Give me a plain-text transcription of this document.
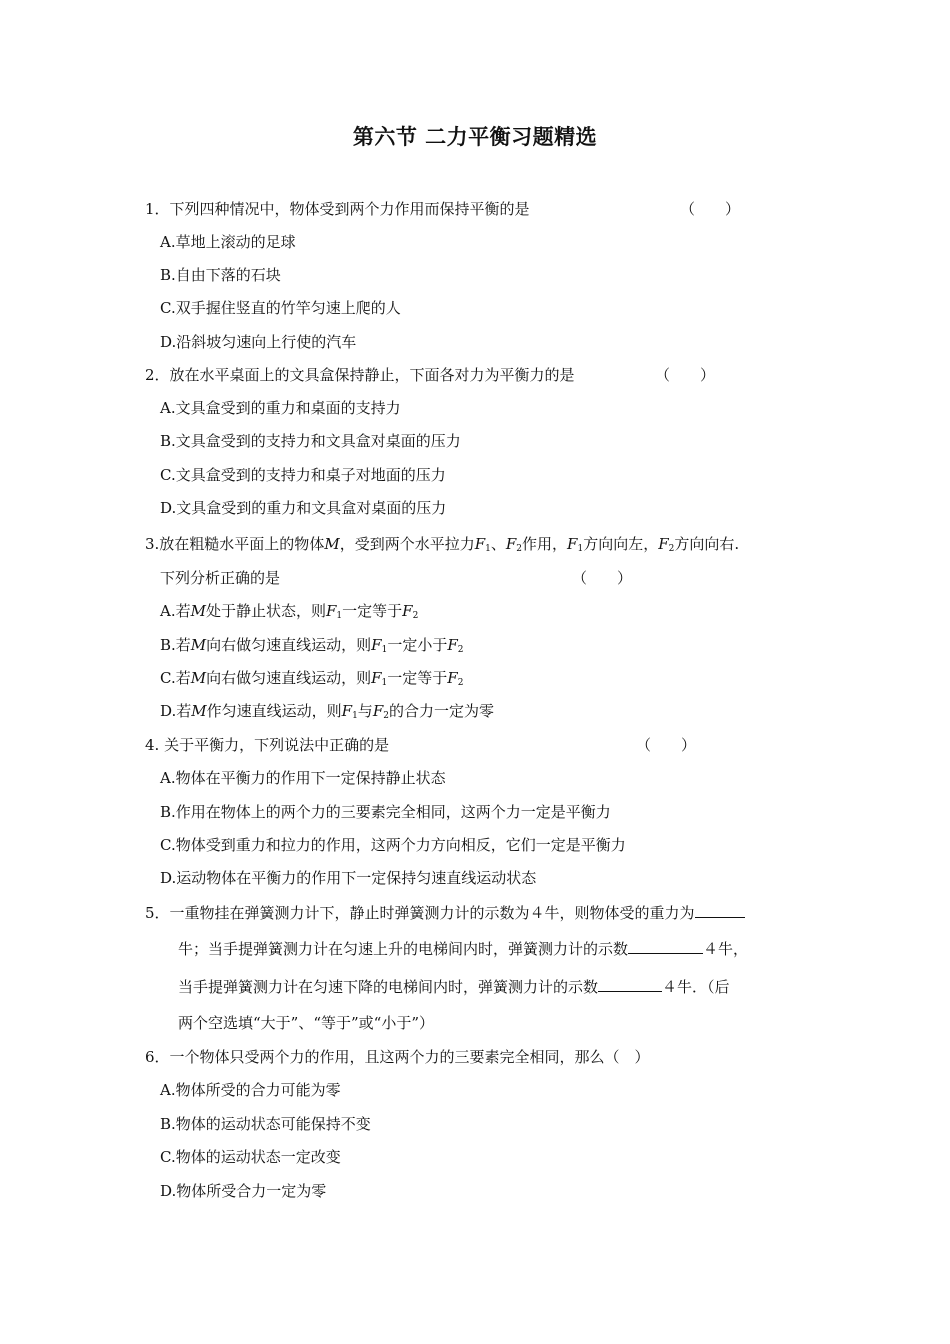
第六节 二力平衡习题精选
1．下列四种情况中，物体受到两个力作用而保持平衡的是	（　　）
A.草地上滚动的足球
B.自由下落的石块
C.双手握住竖直的竹竿匀速上爬的人
D.沿斜坡匀速向上行使的汽车
2．放在水平桌面上的文具盒保持静止，下面各对力为平衡力的是	（　　）
A.文具盒受到的重力和桌面的支持力
B.文具盒受到的支持力和文具盒对桌面的压力
C.文具盒受到的支持力和桌子对地面的压力
D.文具盒受到的重力和文具盒对桌面的压力
3.放在粗糙水平面上的物体M，受到两个水平拉力$F_1$、$F_2$作用，$F_1$方向向左，$F_2$方向向右.
下列分析正确的是	（　　）
A.若M处于静止状态，则$F_1$一定等于$F_2$
B.若M向右做匀速直线运动，则$F_1$一定小于$F_2$
C.若M向右做匀速直线运动，则$F_1$一定等于$F_2$
D.若M作匀速直线运动，则$F_1$与$F_2$的合力一定为零
4. 关于平衡力，下列说法中正确的是	（　　）
A.物体在平衡力的作用下一定保持静止状态
B.作用在物体上的两个力的三要素完全相同，这两个力一定是平衡力
C.物体受到重力和拉力的作用，这两个力方向相反，它们一定是平衡力
D.运动物体在平衡力的作用下一定保持匀速直线运动状态
5．一重物挂在弹簧测力计下，静止时弹簧测力计的示数为４牛，则物体受的重力为
牛；当手提弹簧测力计在匀速上升的电梯间内时，弹簧测力计的示数	４牛，
当手提弹簧测力计在匀速下降的电梯间内时，弹簧测力计的示数	４牛．（后
两个空选填“大于”、“等于”或“小于”）
6．一个物体只受两个力的作用，且这两个力的三要素完全相同，那么（　）
A.物体所受的合力可能为零
B.物体的运动状态可能保持不变
C.物体的运动状态一定改变
D.物体所受合力一定为零
